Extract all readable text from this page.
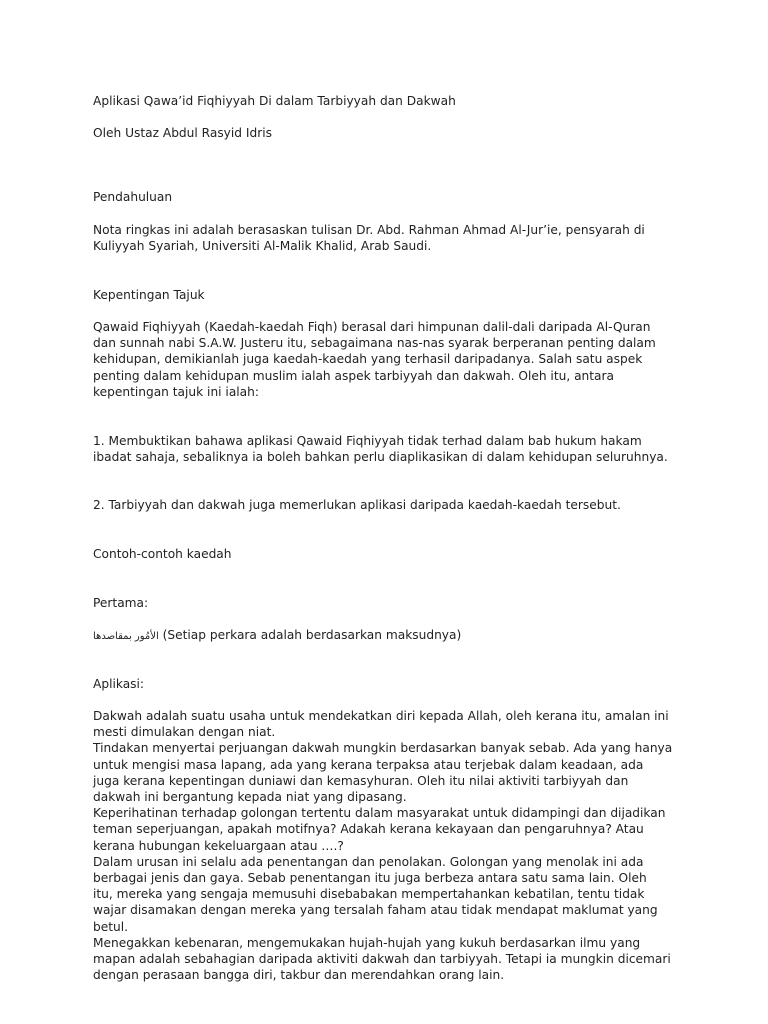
Aplikasi Qawa’id Fiqhiyyah Di dalam Tarbiyyah dan Dakwah

Oleh Ustaz Abdul Rasyid Idris

Pendahuluan

Nota ringkas ini adalah berasaskan tulisan Dr. Abd. Rahman Ahmad Al-Jur’ie, pensyarah di
Kuliyyah Syariah, Universiti Al-Malik Khalid, Arab Saudi.

Kepentingan Tajuk

Qawaid Fiqhiyyah (Kaedah-kaedah Fiqh) berasal dari himpunan dalil-dali daripada Al-Quran
dan sunnah nabi S.A.W. Justeru itu, sebagaimana nas-nas syarak berperanan penting dalam
kehidupan, demikianlah juga kaedah-kaedah yang terhasil daripadanya. Salah satu aspek
penting dalam kehidupan muslim ialah aspek tarbiyyah dan dakwah. Oleh itu, antara
kepentingan tajuk ini ialah:

1. Membuktikan bahawa aplikasi Qawaid Fiqhiyyah tidak terhad dalam bab hukum hakam
ibadat sahaja, sebaliknya ia boleh bahkan perlu diaplikasikan di dalam kehidupan seluruhnya.

2. Tarbiyyah dan dakwah juga memerlukan aplikasi daripada kaedah-kaedah tersebut.

Contoh-contoh kaedah

Pertama:

الأمُور بمقاصدها (Setiap perkara adalah berdasarkan maksudnya)

Aplikasi:

Dakwah adalah suatu usaha untuk mendekatkan diri kepada Allah, oleh kerana itu, amalan ini
mesti dimulakan dengan niat.
Tindakan menyertai perjuangan dakwah mungkin berdasarkan banyak sebab. Ada yang hanya
untuk mengisi masa lapang, ada yang kerana terpaksa atau terjebak dalam keadaan, ada
juga kerana kepentingan duniawi dan kemasyhuran. Oleh itu nilai aktiviti tarbiyyah dan
dakwah ini bergantung kepada niat yang dipasang.
Keperihatinan terhadap golongan tertentu dalam masyarakat untuk didampingi dan dijadikan
teman seperjuangan, apakah motifnya? Adakah kerana kekayaan dan pengaruhnya? Atau
kerana hubungan kekeluargaan atau ….?
Dalam urusan ini selalu ada penentangan dan penolakan. Golongan yang menolak ini ada
berbagai jenis dan gaya. Sebab penentangan itu juga berbeza antara satu sama lain. Oleh
itu, mereka yang sengaja memusuhi disebabakan mempertahankan kebatilan, tentu tidak
wajar disamakan dengan mereka yang tersalah faham atau tidak mendapat maklumat yang
betul.
Menegakkan kebenaran, mengemukakan hujah-hujah yang kukuh berdasarkan ilmu yang
mapan adalah sebahagian daripada aktiviti dakwah dan tarbiyyah. Tetapi ia mungkin dicemari
dengan perasaan bangga diri, takbur dan merendahkan orang lain.
